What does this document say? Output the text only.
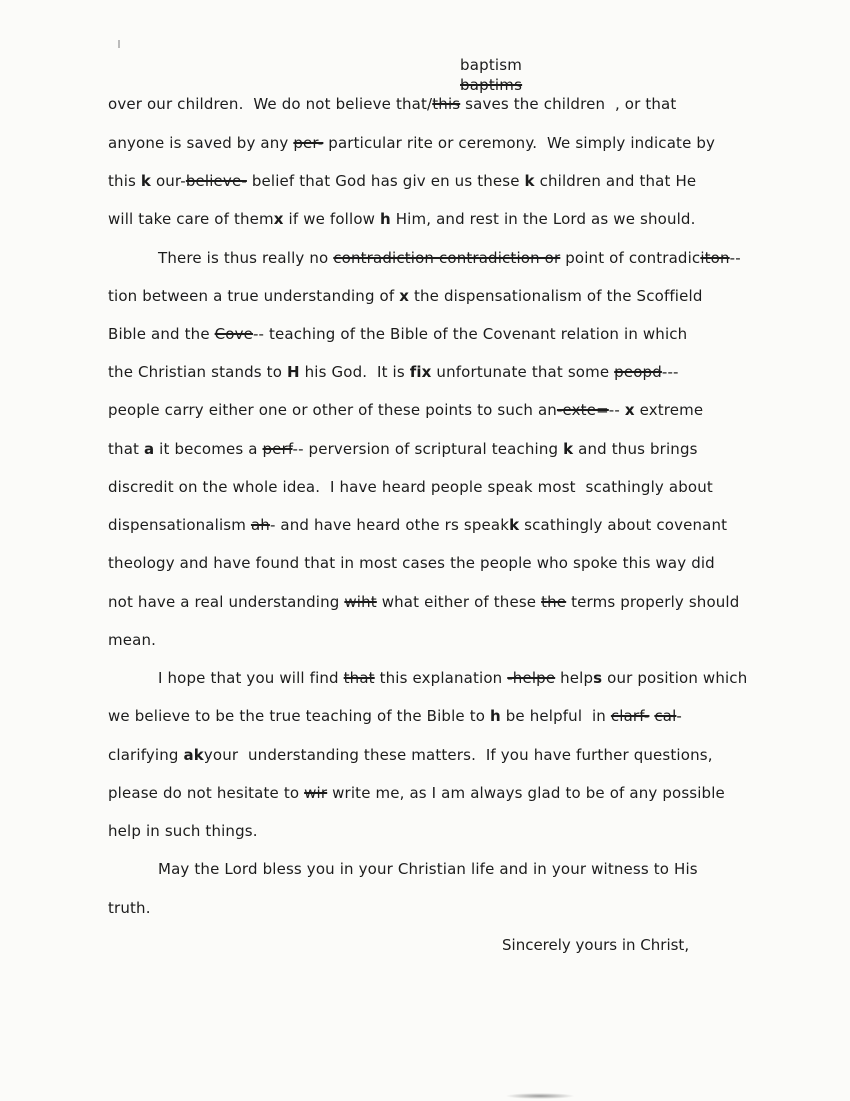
baptism
baptims
over our children.  We do not believe that/this saves the children  , or that
anyone is saved by any per- particular rite or ceremony.  We simply indicate by
this k our-believe- belief that God has giv en us these k children and that He
will take care of themx if we follow h Him, and rest in the Lord as we should.
There is thus really no contradiction contradiction or point of contradiciton--
tion between a true understanding of x the dispensationalism of the Scoffield
Bible and the Cove-- teaching of the Bible of the Covenant relation in which
the Christian stands to H his God.  It is fix unfortunate that some peopd---
people carry either one or other of these points to such an-exte=-- x extreme
that a it becomes a perf-- perversion of scriptural teaching k and thus brings
discredit on the whole idea.  I have heard people speak most  scathingly about
dispensationalism ah- and have heard othe rs speakk scathingly about covenant
theology and have found that in most cases the people who spoke this way did
not have a real understanding wiht what either of these the terms properly should
mean.
I hope that you will find that this explanation -helpe helps our position which
we believe to be the true teaching of the Bible to h be helpful  in clarf- cal-
clarifying akyour  understanding these matters.  If you have further questions,
please do not hesitate to wir write me, as I am always glad to be of any possible
help in such things.
May the Lord bless you in your Christian life and in your witness to His
truth.
Sincerely yours in Christ,
